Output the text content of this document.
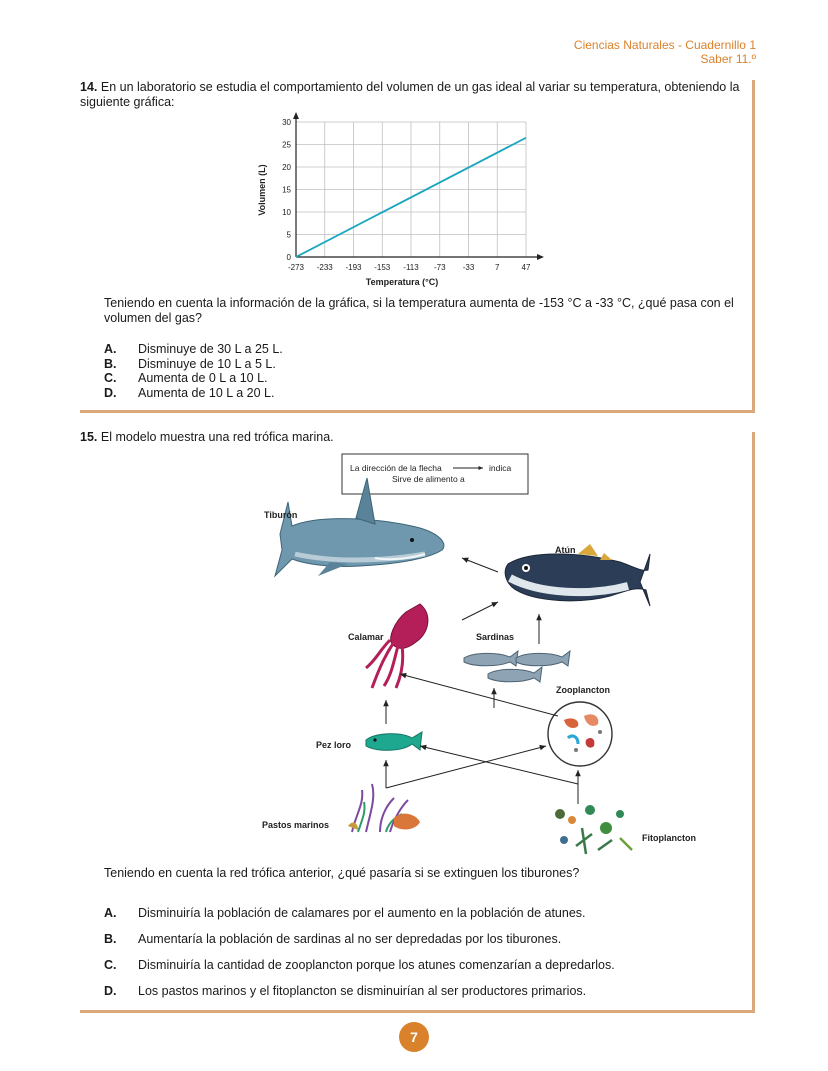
Ciencias Naturales - Cuadernillo 1
Saber 11.º
14. En un laboratorio se estudia el comportamiento del volumen de un gas ideal al variar su temperatura, obteniendo la siguiente gráfica:
-273 -233 -193 -153 -113 -73 -33	7	47
0
5
10
15
20
25
30
Temperatura (°C)
Volumen (L)
Teniendo en cuenta la información de la gráfica, si la temperatura aumenta de -153 °C a -33 °C, ¿qué pasa con el volumen del gas?
A.	Disminuye de 30 L a 25 L.
B.	Disminuye de 10 L a 5 L.
C.	Aumenta de 0 L a 10 L.
D.	Aumenta de 10 L a 20 L.
15. El modelo muestra una red trófica marina.
La dirección de la flecha	indica
Sirve de alimento a
Tiburón
Atún
Calamar	Sardinas
Zooplancton
Pez loro
Pastos marinos
Fitoplancton
Teniendo en cuenta la red trófica anterior, ¿qué pasaría si se extinguen los tiburones?
A.	Disminuiría la población de calamares por el aumento en la población de atunes.
B.	Aumentaría la población de sardinas al no ser depredadas por los tiburones.
C.	Disminuiría la cantidad de zooplancton porque los atunes comenzarían a depredarlos.
D.	Los pastos marinos y el fitoplancton se disminuirían al ser productores primarios.
7
